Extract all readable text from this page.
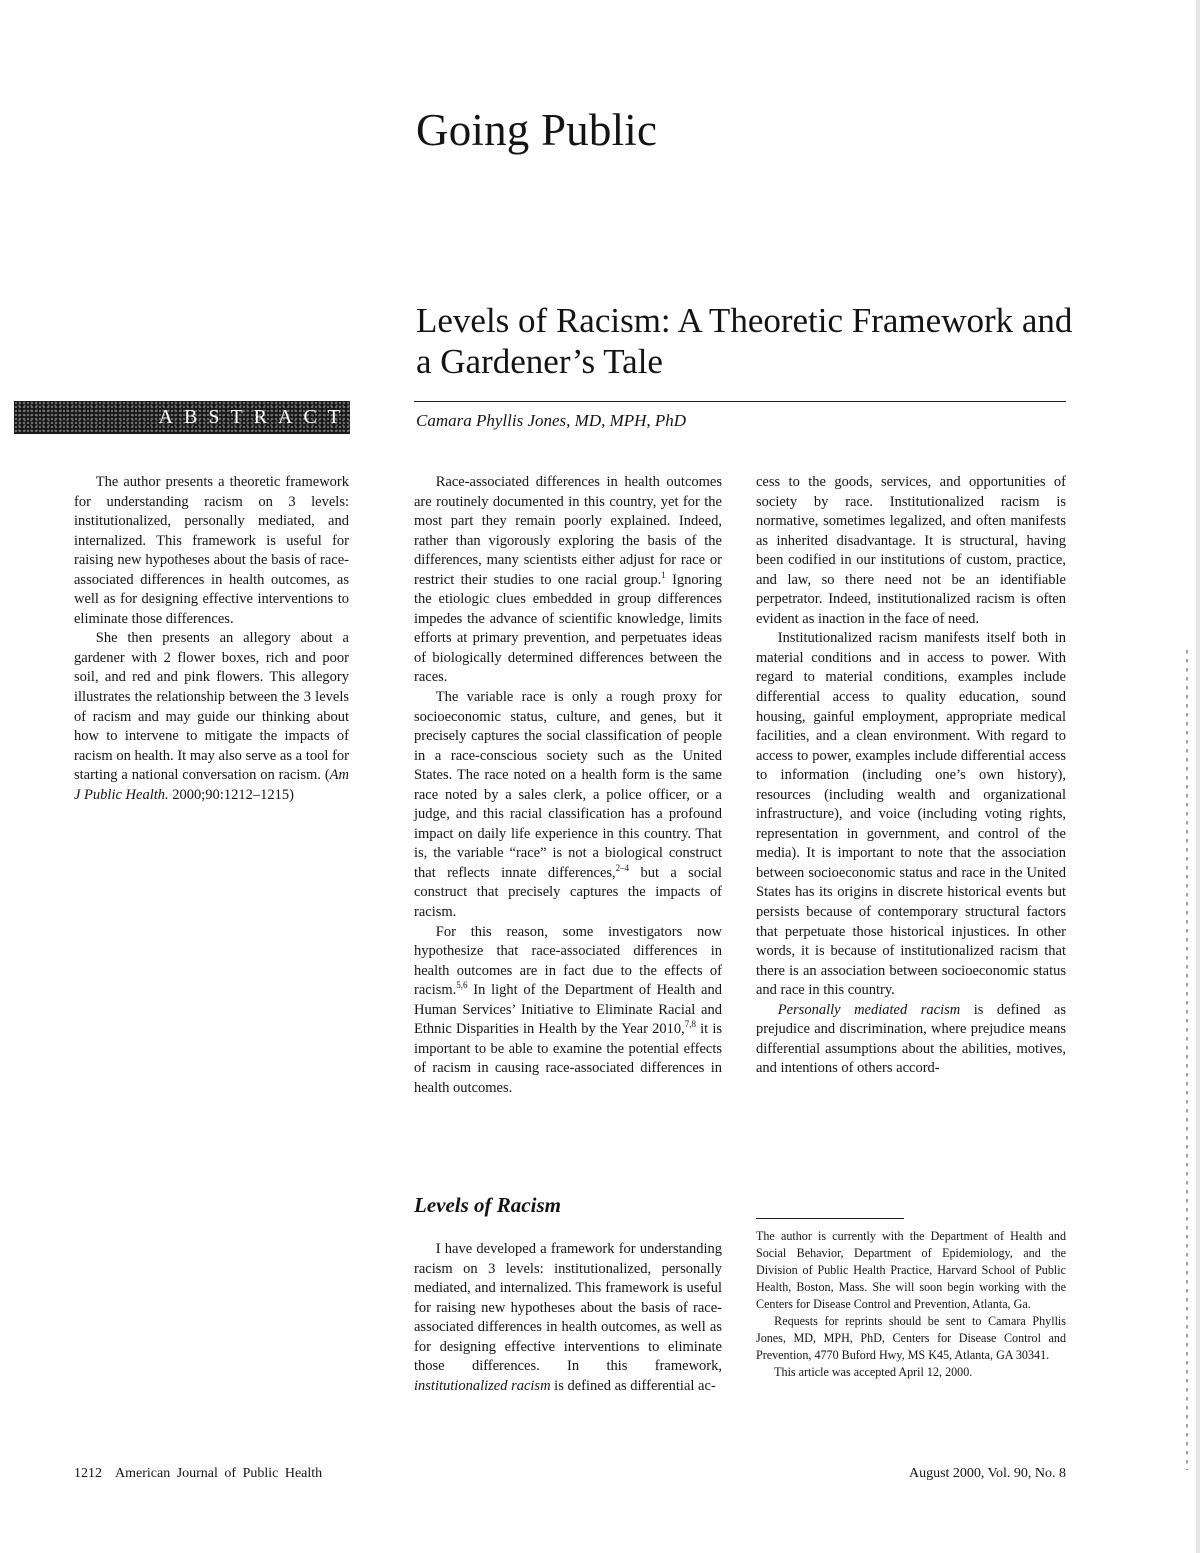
Going Public
Levels of Racism: A Theoretic Framework and a Gardener’s Tale
Camara Phyllis Jones, MD, MPH, PhD
ABSTRACT

The author presents a theoretic framework for understanding racism on 3 levels: institutionalized, personally mediated, and internalized. This framework is useful for raising new hypotheses about the basis of race-associated differences in health outcomes, as well as for designing effective interventions to eliminate those differences.

She then presents an allegory about a gardener with 2 flower boxes, rich and poor soil, and red and pink flowers. This allegory illustrates the relationship between the 3 levels of racism and may guide our thinking about how to intervene to mitigate the impacts of racism on health. It may also serve as a tool for starting a national conversation on racism. (Am J Public Health. 2000;90:1212–1215)

Race-associated differences in health outcomes are routinely documented in this country, yet for the most part they remain poorly explained. Indeed, rather than vigorously exploring the basis of the differences, many scientists either adjust for race or restrict their studies to one racial group.$^1$ Ignoring the etiologic clues embedded in group differences impedes the advance of scientific knowledge, limits efforts at primary prevention, and perpetuates ideas of biologically determined differences between the races.

The variable race is only a rough proxy for socioeconomic status, culture, and genes, but it precisely captures the social classification of people in a race-conscious society such as the United States. The race noted on a health form is the same race noted by a sales clerk, a police officer, or a judge, and this racial classification has a profound impact on daily life experience in this country. That is, the variable “race” is not a biological construct that reflects innate differences,$^{2-4}$ but a social construct that precisely captures the impacts of racism.

For this reason, some investigators now hypothesize that race-associated differences in health outcomes are in fact due to the effects of racism.$^{5,6}$ In light of the Department of Health and Human Services’ Initiative to Eliminate Racial and Ethnic Disparities in Health by the Year 2010,$^{7,8}$ it is important to be able to examine the potential effects of racism in causing race-associated differences in health outcomes.

Levels of Racism

I have developed a framework for understanding racism on 3 levels: institutionalized, personally mediated, and internalized. This framework is useful for raising new hypotheses about the basis of race-associated differences in health outcomes, as well as for designing effective interventions to eliminate those differences. In this framework, institutionalized racism is defined as differential ac-

cess to the goods, services, and opportunities of society by race. Institutionalized racism is normative, sometimes legalized, and often manifests as inherited disadvantage. It is structural, having been codified in our institutions of custom, practice, and law, so there need not be an identifiable perpetrator. Indeed, institutionalized racism is often evident as inaction in the face of need.

Institutionalized racism manifests itself both in material conditions and in access to power. With regard to material conditions, examples include differential access to quality education, sound housing, gainful employment, appropriate medical facilities, and a clean environment. With regard to access to power, examples include differential access to information (including one’s own history), resources (including wealth and organizational infrastructure), and voice (including voting rights, representation in government, and control of the media). It is important to note that the association between socioeconomic status and race in the United States has its origins in discrete historical events but persists because of contemporary structural factors that perpetuate those historical injustices. In other words, it is because of institutionalized racism that there is an association between socioeconomic status and race in this country.

Personally mediated racism is defined as prejudice and discrimination, where prejudice means differential assumptions about the abilities, motives, and intentions of others accord-

The author is currently with the Department of Health and Social Behavior, Department of Epidemiology, and the Division of Public Health Practice, Harvard School of Public Health, Boston, Mass. She will soon begin working with the Centers for Disease Control and Prevention, Atlanta, Ga.

Requests for reprints should be sent to Camara Phyllis Jones, MD, MPH, PhD, Centers for Disease Control and Prevention, 4770 Buford Hwy, MS K45, Atlanta, GA 30341.

This article was accepted April 12, 2000.

1212 American Journal of Public Health	August 2000, Vol. 90, No. 8
